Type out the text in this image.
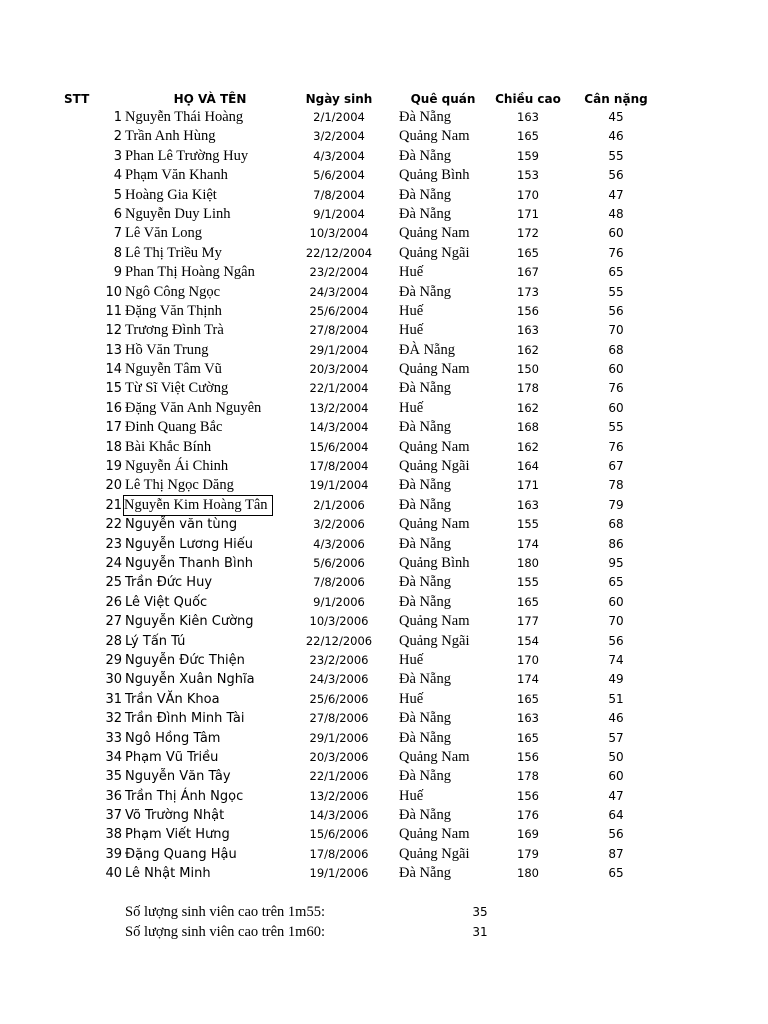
STT	HỌ VÀ TÊN	Ngày sinh	Quê quán	Chiều cao	Cân nặng
1 Nguyễn Thái Hoàng	2/1/2004	Đà Nẵng	163	45
2 Trần Anh Hùng	3/2/2004	Quảng Nam	165	46
3 Phan Lê Trường Huy	4/3/2004	Đà Nẵng	159	55
4 Phạm Văn Khanh	5/6/2004	Quảng Bình	153	56
5 Hoàng Gia Kiệt	7/8/2004	Đà Nẵng	170	47
6 Nguyễn Duy Linh	9/1/2004	Đà Nẵng	171	48
7 Lê Văn Long	10/3/2004	Quảng Nam	172	60
8 Lê Thị Triều My	22/12/2004	Quảng Ngãi	165	76
9 Phan Thị Hoàng Ngân	23/2/2004	Huế	167	65
10 Ngô Công Ngọc	24/3/2004	Đà Nẵng	173	55
11 Đặng Văn Thịnh	25/6/2004	Huế	156	56
12 Trương Đình Trà	27/8/2004	Huế	163	70
13 Hồ Văn Trung	29/1/2004	ĐÀ Nẵng	162	68
14 Nguyễn Tâm Vũ	20/3/2004	Quảng Nam	150	60
15 Từ Sĩ Việt Cường	22/1/2004	Đà Nẵng	178	76
16 Đặng Văn Anh Nguyên	13/2/2004	Huế	162	60
17 Đinh Quang Bắc	14/3/2004	Đà Nẵng	168	55
18 Bài Khắc Bính	15/6/2004	Quảng Nam	162	76
19 Nguyễn Ái Chinh	17/8/2004	Quảng Ngãi	164	67
20 Lê Thị Ngọc Dăng	19/1/2004	Đà Nẵng	171	78
21 Nguyễn Kim Hoàng Tân	2/1/2006	Đà Nẵng	163	79
22 Nguyễn văn tùng	3/2/2006	Quảng Nam	155	68
23 Nguyễn Lương Hiếu	4/3/2006	Đà Nẵng	174	86
24 Nguyễn Thanh Bình	5/6/2006	Quảng Bình	180	95
25 Trần Đức Huy	7/8/2006	Đà Nẵng	155	65
26 Lê Việt Quốc	9/1/2006	Đà Nẵng	165	60
27 Nguyễn Kiên Cường	10/3/2006	Quảng Nam	177	70
28 Lý Tấn Tú	22/12/2006	Quảng Ngãi	154	56
29 Nguyễn Đức Thiện	23/2/2006	Huế	170	74
30 Nguyễn Xuân Nghĩa	24/3/2006	Đà Nẵng	174	49
31 Trần VĂn Khoa	25/6/2006	Huế	165	51
32 Trần Đình Minh Tài	27/8/2006	Đà Nẵng	163	46
33 Ngô Hồng Tâm	29/1/2006	Đà Nẵng	165	57
34 Phạm Vũ Triều	20/3/2006	Quảng Nam	156	50
35 Nguyễn Văn Tây	22/1/2006	Đà Nẵng	178	60
36 Trần Thị Ánh Ngọc	13/2/2006	Huế	156	47
37 Võ Trường Nhật	14/3/2006	Đà Nẵng	176	64
38 Phạm Viết Hưng	15/6/2006	Quảng Nam	169	56
39 Đặng Quang Hậu	17/8/2006	Quảng Ngãi	179	87
40 Lê Nhật Minh	19/1/2006	Đà Nẵng	180	65
Số lượng sinh viên cao trên 1m55:	35
Số lượng sinh viên cao trên 1m60:	31
